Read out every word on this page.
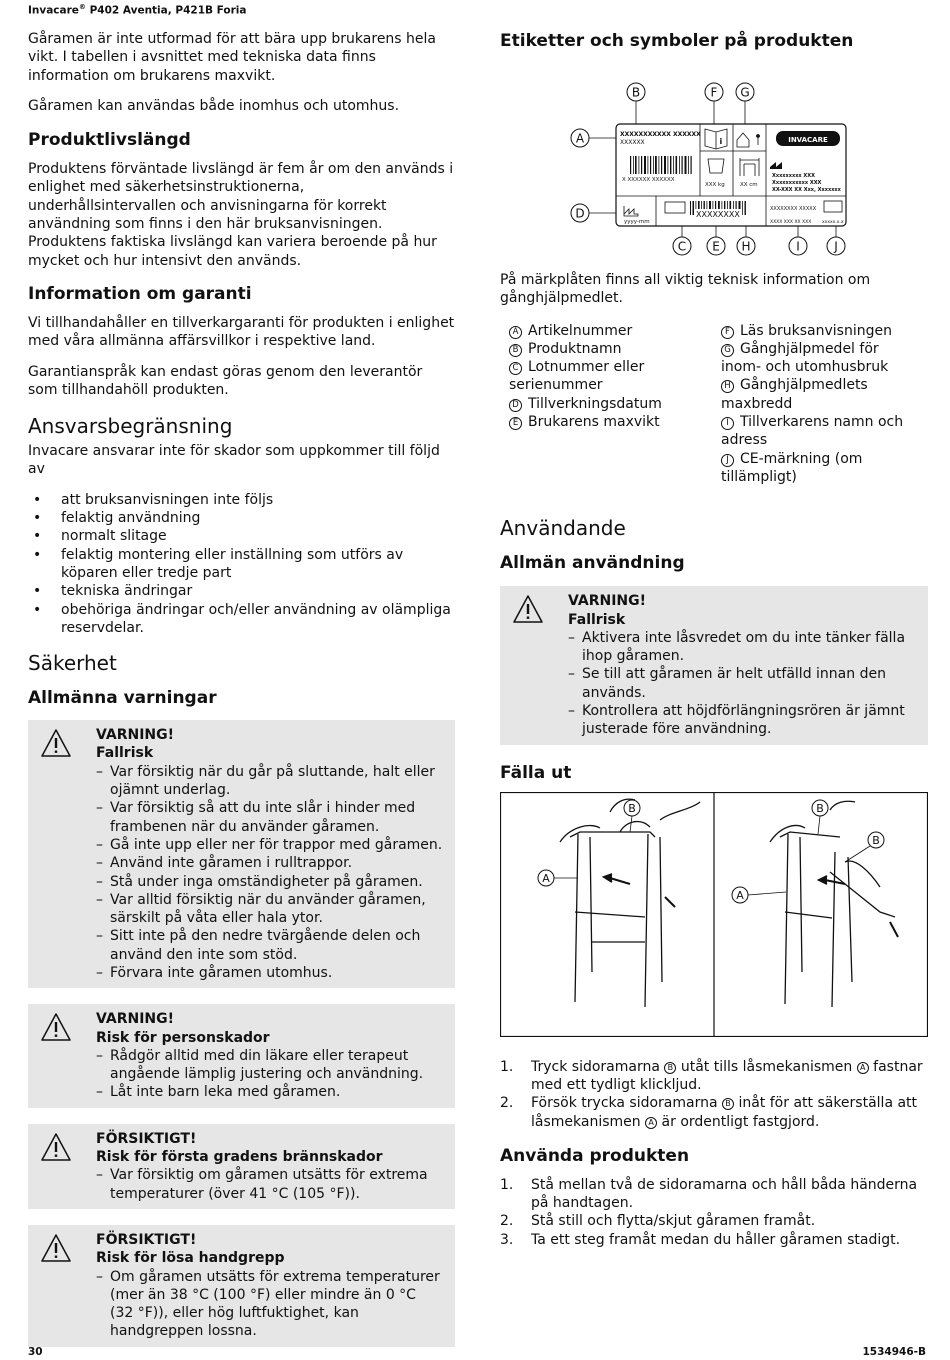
Invacare® P402 Aventia, P421B Foria

Gåramen är inte utformad för att bära upp brukarens hela vikt. I tabellen i avsnittet med tekniska data finns information om brukarens maxvikt.

Gåramen kan användas både inomhus och utomhus.

Produktlivslängd

Produktens förväntade livslängd är fem år om den används i enlighet med säkerhetsinstruktionerna, underhållsintervallen och anvisningarna för korrekt användning som finns i den här bruksanvisningen. Produktens faktiska livslängd kan variera beroende på hur mycket och hur intensivt den används.

Information om garanti

Vi tillhandahåller en tillverkargaranti för produkten i enlighet med våra allmänna affärsvillkor i respektive land.

Garantianspråk kan endast göras genom den leverantör som tillhandahöll produkten.

Ansvarsbegränsning

Invacare ansvarar inte för skador som uppkommer till följd av

• att bruksanvisningen inte följs
• felaktig användning
• normalt slitage
• felaktig montering eller inställning som utförs av köparen eller tredje part
• tekniska ändringar
• obehöriga ändringar och/eller användning av olämpliga reservdelar.
Säkerhet
Allmänna varningar
VARNING!
Fallrisk
– Var försiktig när du går på sluttande, halt eller ojämnt underlag.
– Var försiktig så att du inte slår i hinder med frambenen när du använder gåramen.
– Gå inte upp eller ner för trappor med gåramen.
– Använd inte gåramen i rulltrappor.
– Stå under inga omständigheter på gåramen.
– Var alltid försiktig när du använder gåramen, särskilt på våta eller hala ytor.
– Sitt inte på den nedre tvärgående delen och använd den inte som stöd.
– Förvara inte gåramen utomhus.
VARNING!
Risk för personskador
– Rådgör alltid med din läkare eller terapeut angående lämplig justering och användning.
– Låt inte barn leka med gåramen.
FÖRSIKTIGT!
Risk för första gradens brännskador
– Var försiktig om gåramen utsätts för extrema temperaturer (över 41 °C (105 °F)).
FÖRSIKTIGT!
Risk för lösa handgrepp
– Om gåramen utsätts för extrema temperaturer (mer än 38 °C (100 °F) eller mindre än 0 °C (32 °F)), eller hög luftfuktighet, kan handgreppen lossna.
Etiketter och symboler på produkten
B	F G
A
D
C E H	I	J
XXXXXXXXXXX XXXXXX
XXXXXX
X XXXXXX XXXXXX
i
XXX kg	XX cm
INVACARE
Xxxxxxxxx XXX
Xxxxxxxxxxx XXX
XX-XXX XX Xxx, Xxxxxxx
yyyy-mm
XXXXXXXX
XXXXXXXX XXXXX
XXXX XXX XX XXX xxxxx.x.x

På märkplåten finns all viktig teknisk information om gånghjälpmedlet.

A Artikelnummer
B Produktnamn
C Lotnummer eller serienummer
D Tillverkningsdatum
E Brukarens maxvikt
F Läs bruksanvisningen
G Gånghjälpmedel för inom- och utomhusbruk
H Gånghjälpmedlets maxbredd
I Tillverkarens namn och adress
J CE-märkning (om tillämpligt)
Användande
Allmän användning
VARNING!
Fallrisk
– Aktivera inte låsvredet om du inte tänker fälla ihop gåramen.
– Se till att gåramen är helt utfälld innan den används.
– Kontrollera att höjdförlängningsrören är jämnt justerade före användning.
Fälla ut
B
A
B
B
A
1. Tryck sidoramarna B utåt tills låsmekanismen A fastnar med ett tydligt klickljud.
2. Försök trycka sidoramarna B inåt för att säkerställa att låsmekanismen A är ordentligt fastgjord.
Använda produkten
1. Stå mellan två de sidoramarna och håll båda händerna på handtagen.
2. Stå still och flytta/skjut gåramen framåt.
3. Ta ett steg framåt medan du håller gåramen stadigt.
30	1534946-B
